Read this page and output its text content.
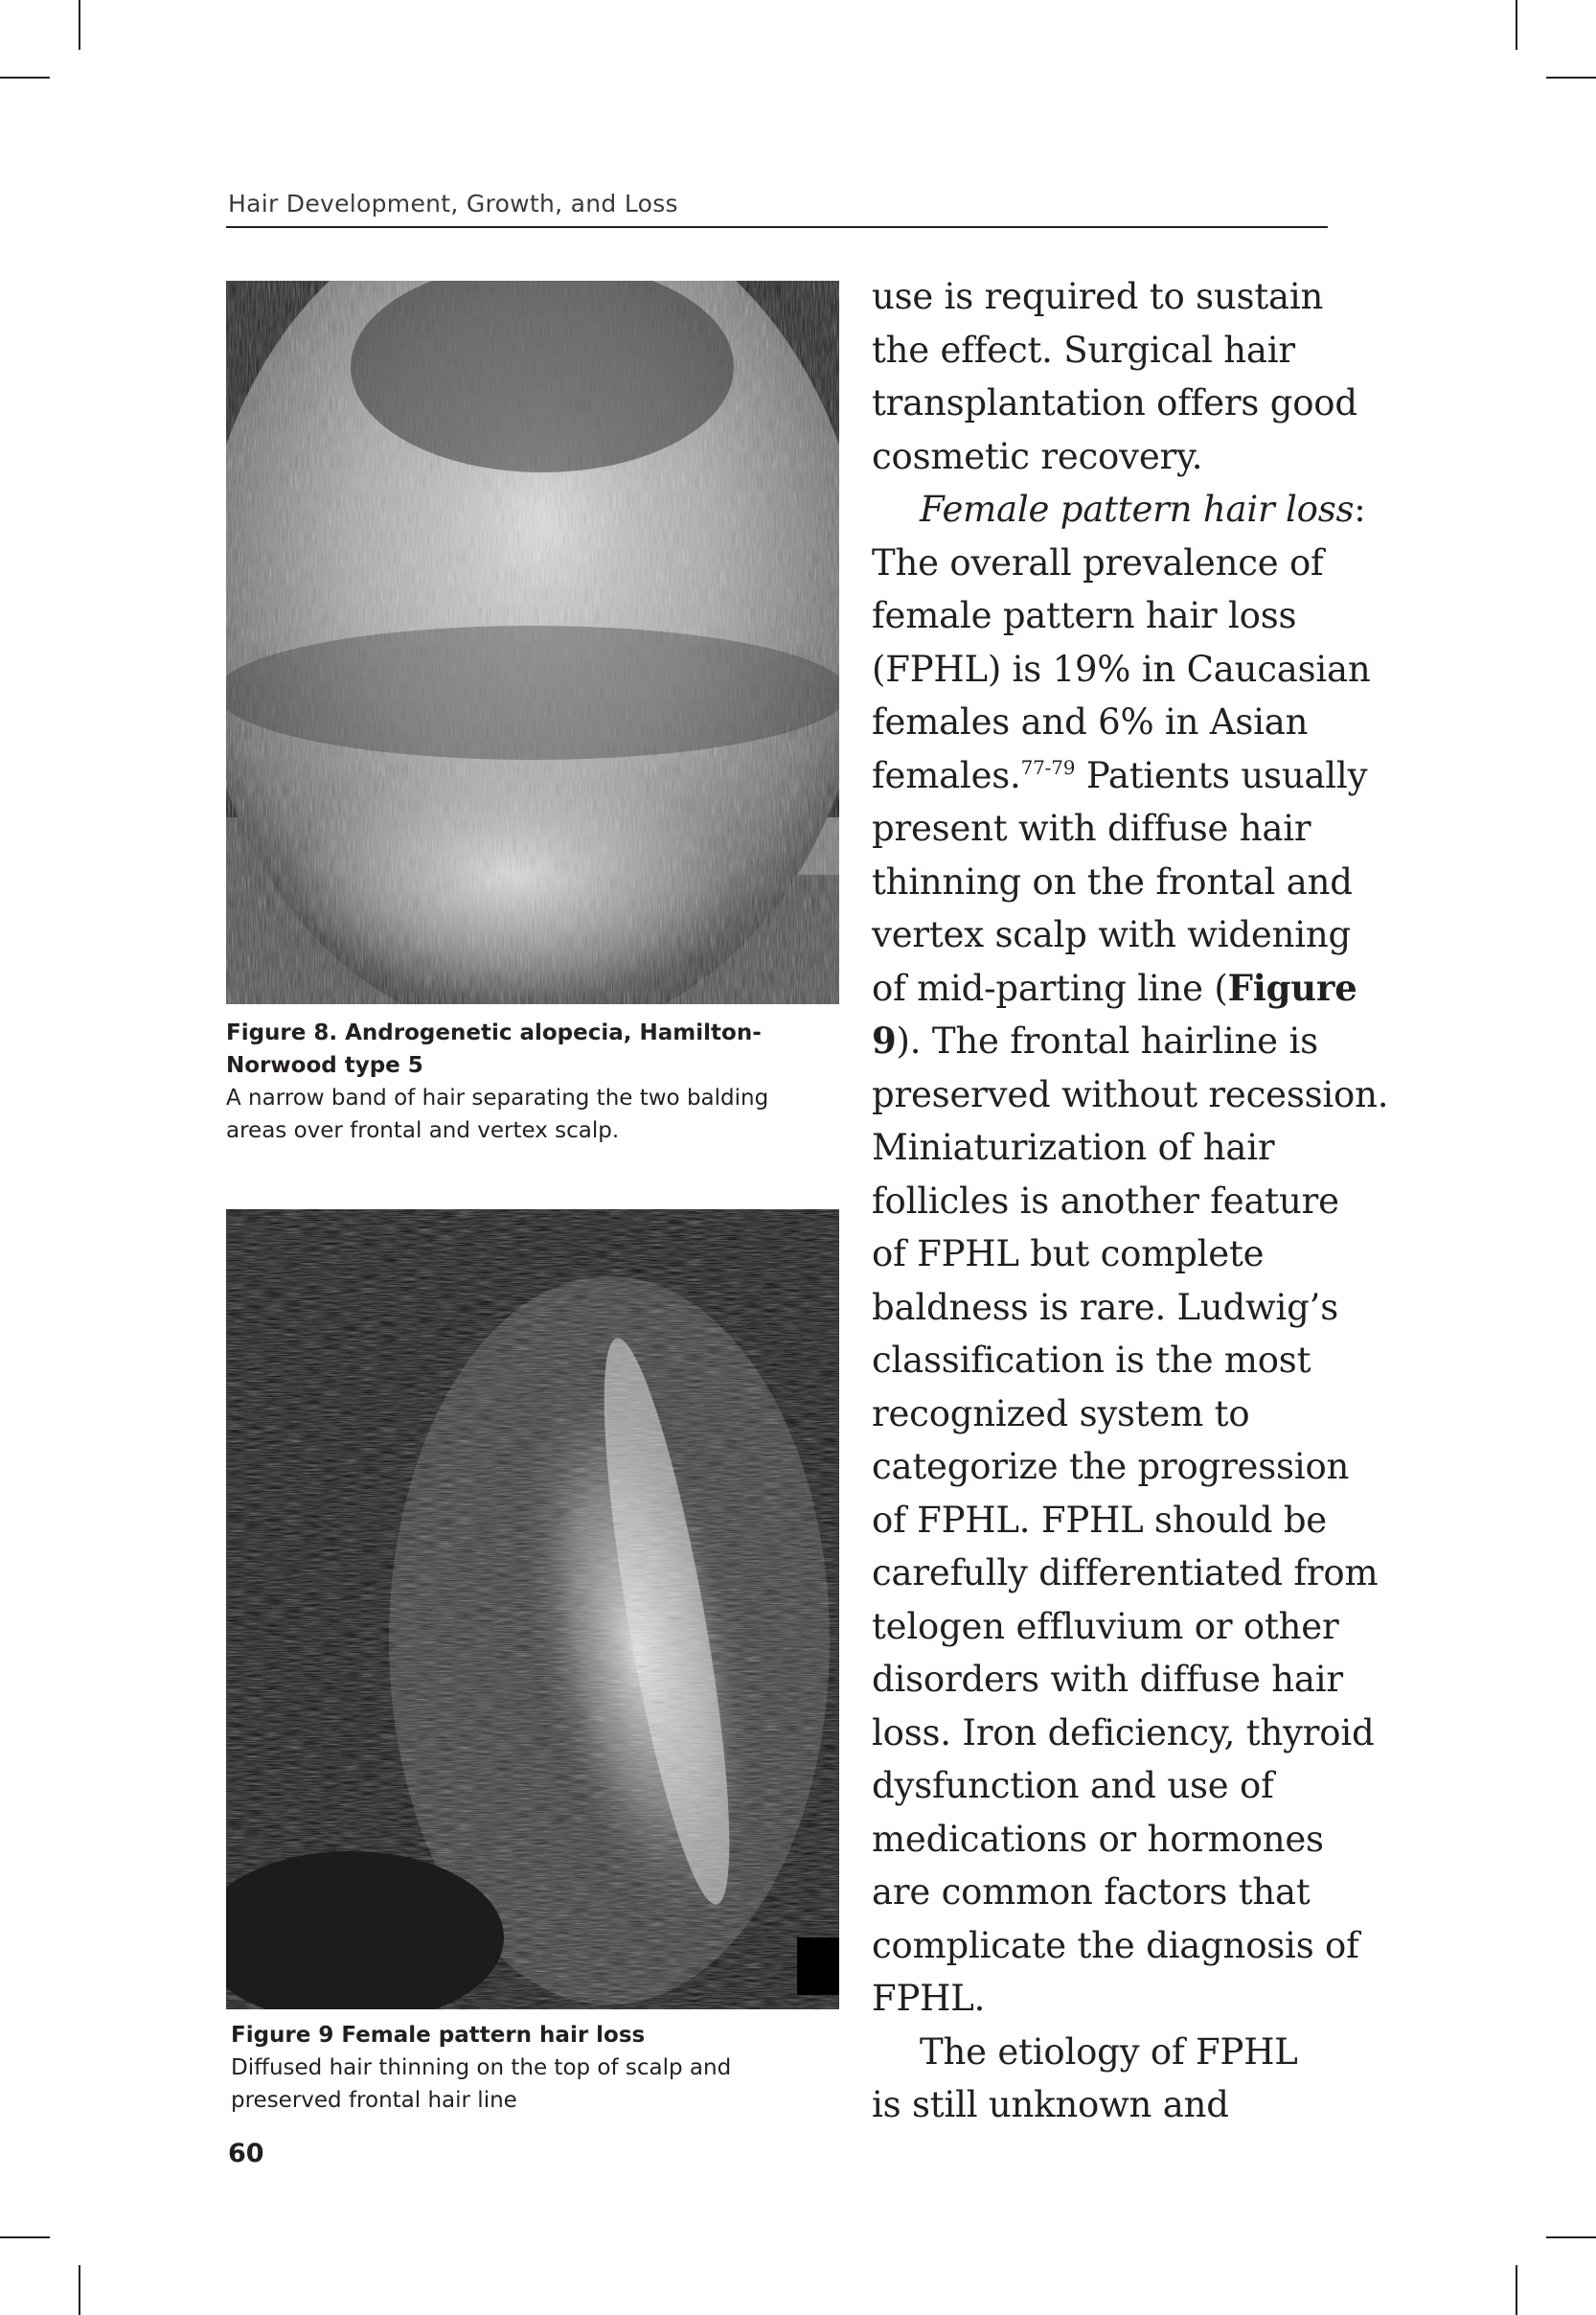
Hair Development, Growth, and Loss
Figure 8. Androgenetic alopecia, Hamilton-
Norwood type 5
A narrow band of hair separating the two balding
areas over frontal and vertex scalp.
Figure 9 Female pattern hair loss
Diffused hair thinning on the top of scalp and
preserved frontal hair line
60
use is required to sustain
the effect. Surgical hair
transplantation offers good
cosmetic recovery.
Female pattern hair loss:
The overall prevalence of
female pattern hair loss
(FPHL) is 19% in Caucasian
females and 6% in Asian
females.$^{77-79}$ Patients usually
present with diffuse hair
thinning on the frontal and
vertex scalp with widening
of mid-parting line (Figure
9). The frontal hairline is
preserved without recession.
Miniaturization of hair
follicles is another feature
of FPHL but complete
baldness is rare. Ludwig’s
classification is the most
recognized system to
categorize the progression
of FPHL. FPHL should be
carefully differentiated from
telogen effluvium or other
disorders with diffuse hair
loss. Iron deficiency, thyroid
dysfunction and use of
medications or hormones
are common factors that
complicate the diagnosis of
FPHL.
The etiology of FPHL
is still unknown and
